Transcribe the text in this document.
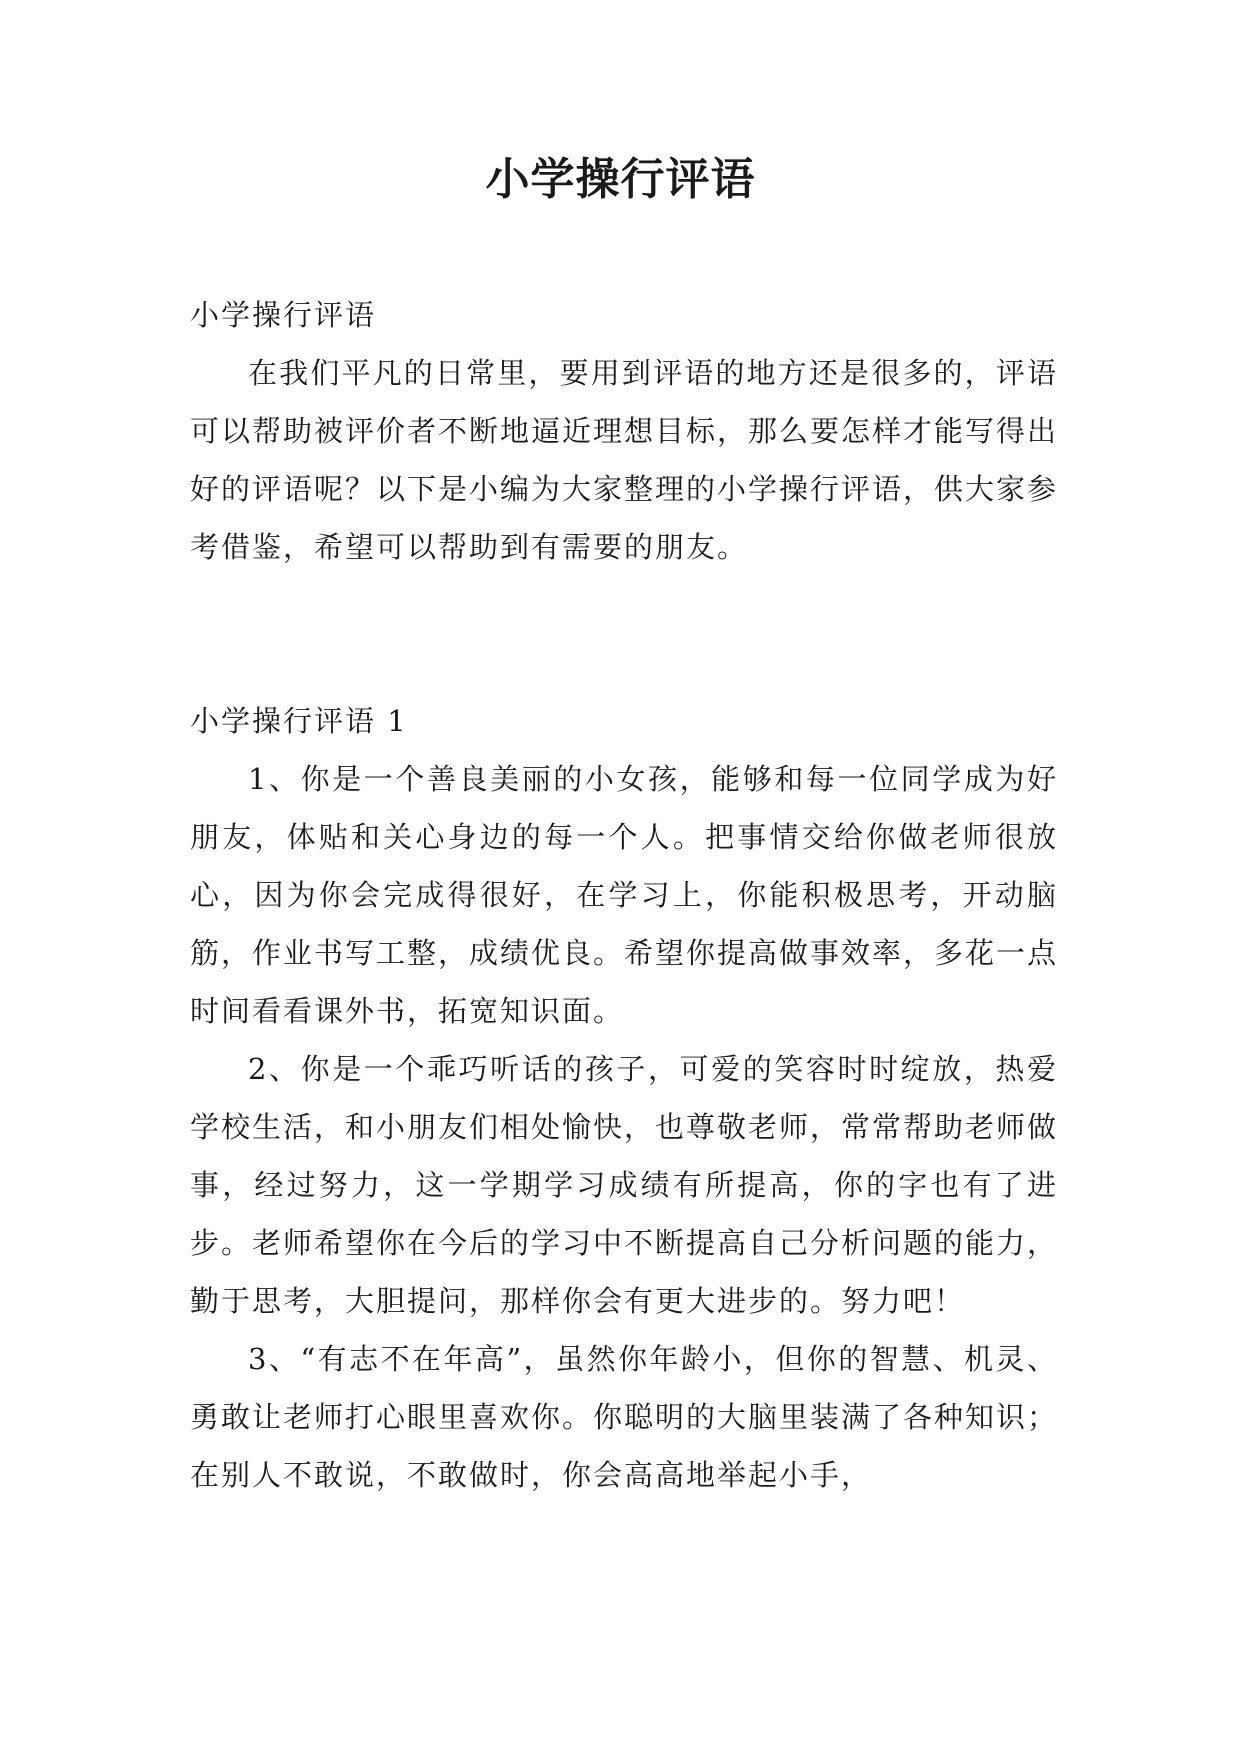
小学操行评语

小学操行评语

在我们平凡的日常里，要用到评语的地方还是很多的，评语可以帮助被评价者不断地逼近理想目标，那么要怎样才能写得出好的评语呢？以下是小编为大家整理的小学操行评语，供大家参考借鉴，希望可以帮助到有需要的朋友。

小学操行评语 1

1、你是一个善良美丽的小女孩，能够和每一位同学成为好朋友，体贴和关心身边的每一个人。把事情交给你做老师很放心，因为你会完成得很好，在学习上，你能积极思考，开动脑筋，作业书写工整，成绩优良。希望你提高做事效率，多花一点时间看看课外书，拓宽知识面。

2、你是一个乖巧听话的孩子，可爱的笑容时时绽放，热爱学校生活，和小朋友们相处愉快，也尊敬老师，常常帮助老师做事，经过努力，这一学期学习成绩有所提高，你的字也有了进步。老师希望你在今后的学习中不断提高自己分析问题的能力，勤于思考，大胆提问，那样你会有更大进步的。努力吧！

3、“有志不在年高”，虽然你年龄小，但你的智慧、机灵、勇敢让老师打心眼里喜欢你。你聪明的大脑里装满了各种知识；在别人不敢说，不敢做时，你会高高地举起小手，
